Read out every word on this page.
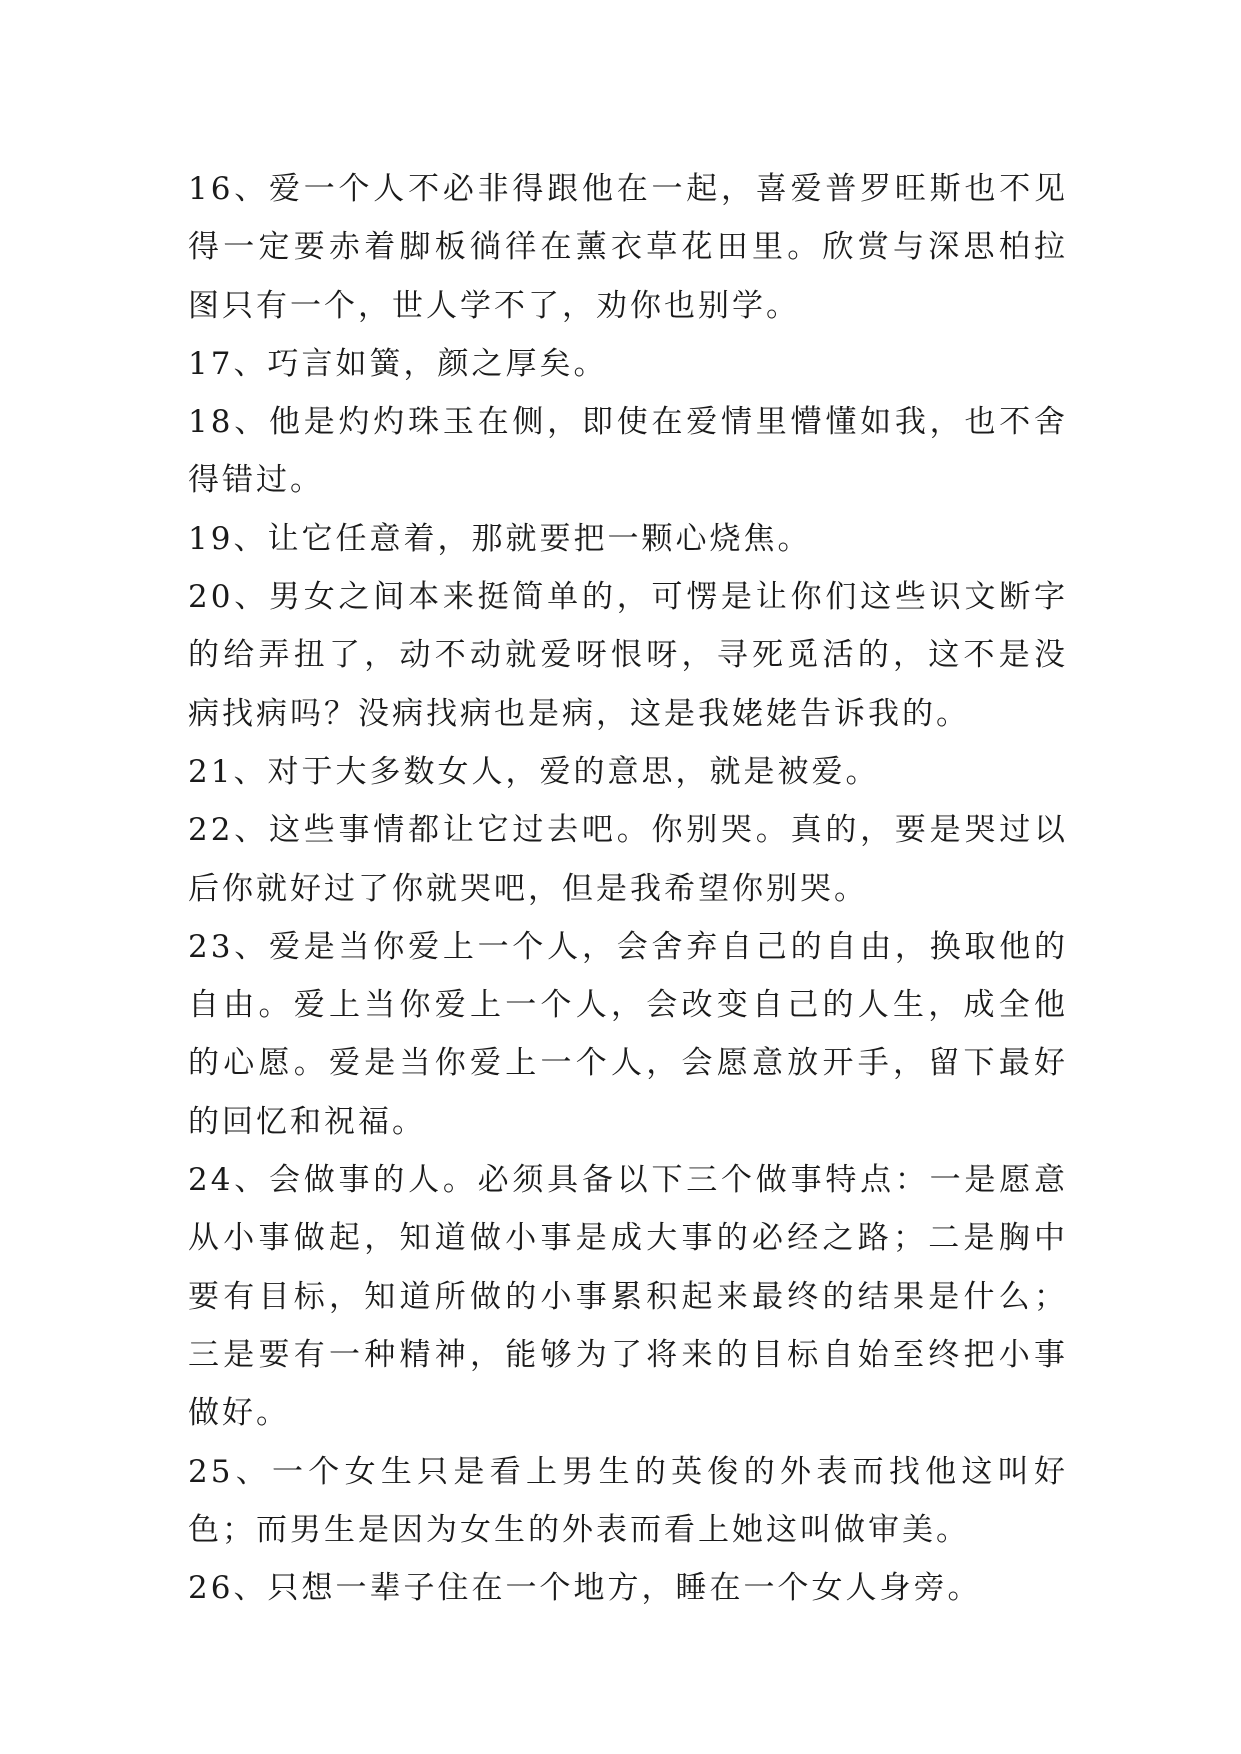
16、爱一个人不必非得跟他在一起，喜爱普罗旺斯也不见得一定要赤着脚板徜徉在薰衣草花田里。欣赏与深思柏拉图只有一个，世人学不了，劝你也别学。

17、巧言如簧，颜之厚矣。

18、他是灼灼珠玉在侧，即使在爱情里懵懂如我，也不舍得错过。

19、让它任意着，那就要把一颗心烧焦。

20、男女之间本来挺简单的，可愣是让你们这些识文断字的给弄扭了，动不动就爱呀恨呀，寻死觅活的，这不是没病找病吗？没病找病也是病，这是我姥姥告诉我的。

21、对于大多数女人，爱的意思，就是被爱。

22、这些事情都让它过去吧。你别哭。真的，要是哭过以后你就好过了你就哭吧，但是我希望你别哭。

23、爱是当你爱上一个人，会舍弃自己的自由，换取他的自由。爱上当你爱上一个人，会改变自己的人生，成全他的心愿。爱是当你爱上一个人，会愿意放开手，留下最好的回忆和祝福。

24、会做事的人。必须具备以下三个做事特点：一是愿意从小事做起，知道做小事是成大事的必经之路；二是胸中要有目标，知道所做的小事累积起来最终的结果是什么；三是要有一种精神，能够为了将来的目标自始至终把小事做好。

25、一个女生只是看上男生的英俊的外表而找他这叫好色；而男生是因为女生的外表而看上她这叫做审美。

26、只想一辈子住在一个地方，睡在一个女人身旁。
